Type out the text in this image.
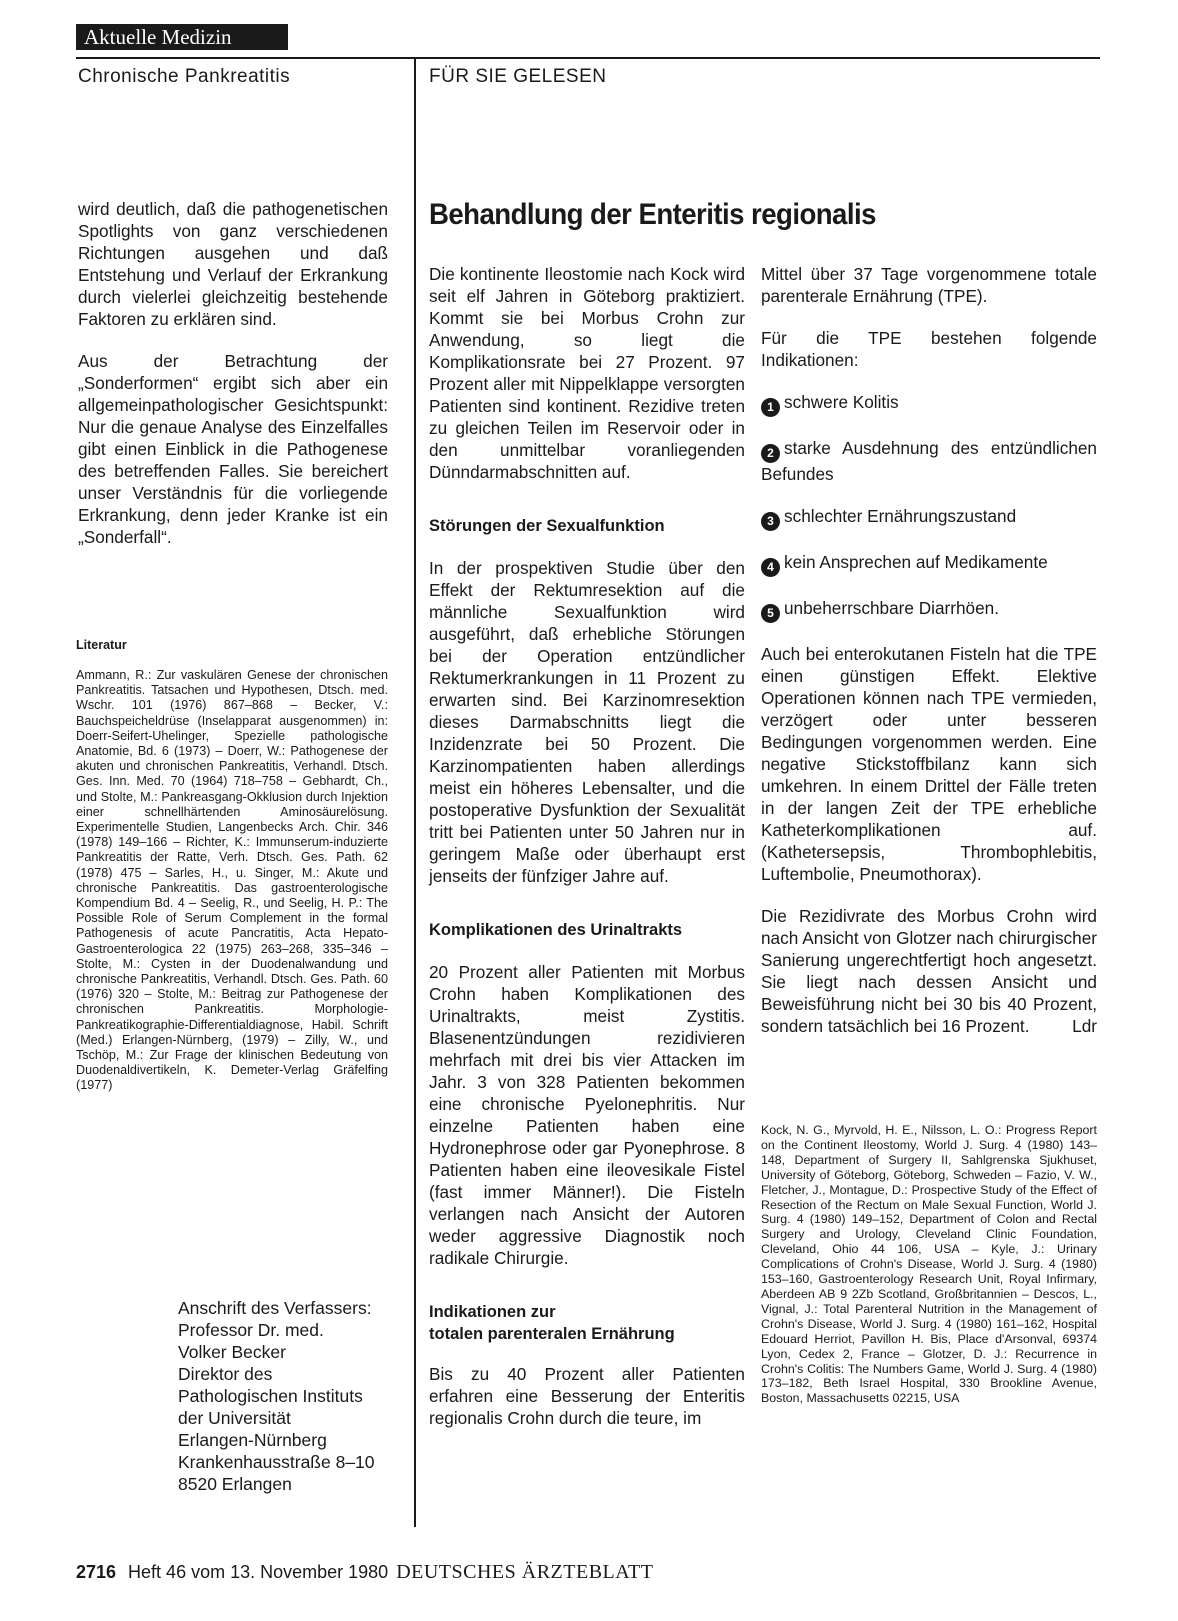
Aktuelle Medizin
Chronische Pankreatitis	FÜR SIE GELESEN

wird deutlich, daß die pathogenetischen Spotlights von ganz verschiedenen Richtungen ausgehen und daß Entstehung und Verlauf der Erkrankung durch vielerlei gleichzeitig bestehende Faktoren zu erklären sind.

Aus der Betrachtung der „Sonderformen“ ergibt sich aber ein allgemeinpathologischer Gesichtspunkt: Nur die genaue Analyse des Einzelfalles gibt einen Einblick in die Pathogenese des betreffenden Falles. Sie bereichert unser Verständnis für die vorliegende Erkrankung, denn jeder Kranke ist ein „Sonderfall“.

Literatur
Ammann, R.: Zur vaskulären Genese der chronischen Pankreatitis. Tatsachen und Hypothesen, Dtsch. med. Wschr. 101 (1976) 867–868 – Becker, V.: Bauchspeicheldrüse (Inselapparat ausgenommen) in: Doerr-Seifert-Uhelinger, Spezielle pathologische Anatomie, Bd. 6 (1973) – Doerr, W.: Pathogenese der akuten und chronischen Pankreatitis, Verhandl. Dtsch. Ges. Inn. Med. 70 (1964) 718–758 – Gebhardt, Ch., und Stolte, M.: Pankreasgang-Okklusion durch Injektion einer schnellhärtenden Aminosäurelösung. Experimentelle Studien, Langenbecks Arch. Chir. 346 (1978) 149–166 – Richter, K.: Immunserum-induzierte Pankreatitis der Ratte, Verh. Dtsch. Ges. Path. 62 (1978) 475 – Sarles, H., u. Singer, M.: Akute und chronische Pankreatitis. Das gastroenterologische Kompendium Bd. 4 – Seelig, R., und Seelig, H. P.: The Possible Role of Serum Complement in the formal Pathogenesis of acute Pancratitis, Acta Hepato-Gastroenterologica 22 (1975) 263–268, 335–346 – Stolte, M.: Cysten in der Duodenalwandung und chronische Pankreatitis, Verhandl. Dtsch. Ges. Path. 60 (1976) 320 – Stolte, M.: Beitrag zur Pathogenese der chronischen Pankreatitis. Morphologie-Pankreatikographie-Differentialdiagnose, Habil. Schrift (Med.) Erlangen-Nürnberg, (1979) – Zilly, W., und Tschöp, M.: Zur Frage der klinischen Bedeutung von Duodenaldivertikeln, K. Demeter-Verlag Gräfelfing (1977)
Anschrift des Verfassers:
Professor Dr. med.
Volker Becker
Direktor des
Pathologischen Instituts
der Universität
Erlangen-Nürnberg
Krankenhausstraße 8–10
8520 Erlangen
Behandlung der Enteritis regionalis

Die kontinente Ileostomie nach Kock wird seit elf Jahren in Göteborg praktiziert. Kommt sie bei Morbus Crohn zur Anwendung, so liegt die Komplikationsrate bei 27 Prozent. 97 Prozent aller mit Nippelklappe versorgten Patienten sind kontinent. Rezidive treten zu gleichen Teilen im Reservoir oder in den unmittelbar voranliegenden Dünndarmabschnitten auf.

Störungen der Sexualfunktion

In der prospektiven Studie über den Effekt der Rektumresektion auf die männliche Sexualfunktion wird ausgeführt, daß erhebliche Störungen bei der Operation entzündlicher Rektumerkrankungen in 11 Prozent zu erwarten sind. Bei Karzinomresektion dieses Darmabschnitts liegt die Inzidenzrate bei 50 Prozent. Die Karzinompatienten haben allerdings meist ein höheres Lebensalter, und die postoperative Dysfunktion der Sexualität tritt bei Patienten unter 50 Jahren nur in geringem Maße oder überhaupt erst jenseits der fünfziger Jahre auf.

Komplikationen des Urinaltrakts

20 Prozent aller Patienten mit Morbus Crohn haben Komplikationen des Urinaltrakts, meist Zystitis. Blasenentzündungen rezidivieren mehrfach mit drei bis vier Attacken im Jahr. 3 von 328 Patienten bekommen eine chronische Pyelonephritis. Nur einzelne Patienten haben eine Hydronephrose oder gar Pyonephrose. 8 Patienten haben eine ileovesikale Fistel (fast immer Männer!). Die Fisteln verlangen nach Ansicht der Autoren weder aggressive Diagnostik noch radikale Chirurgie.

Indikationen zur
totalen parenteralen Ernährung

Bis zu 40 Prozent aller Patienten erfahren eine Besserung der Enteritis regionalis Crohn durch die teure, im

Mittel über 37 Tage vorgenommene totale parenterale Ernährung (TPE).

Für die TPE bestehen folgende Indikationen:

1 schwere Kolitis
2 starke Ausdehnung des entzündlichen Befundes
3 schlechter Ernährungszustand
4 kein Ansprechen auf Medikamente
5 unbeherrschbare Diarrhöen.

Auch bei enterokutanen Fisteln hat die TPE einen günstigen Effekt. Elektive Operationen können nach TPE vermieden, verzögert oder unter besseren Bedingungen vorgenommen werden. Eine negative Stickstoffbilanz kann sich umkehren. In einem Drittel der Fälle treten in der langen Zeit der TPE erhebliche Katheterkomplikationen auf. (Kathetersepsis, Thrombophlebitis, Luftembolie, Pneumothorax).

Die Rezidivrate des Morbus Crohn wird nach Ansicht von Glotzer nach chirurgischer Sanierung ungerechtfertigt hoch angesetzt. Sie liegt nach dessen Ansicht und Beweisführung nicht bei 30 bis 40 Prozent, sondern tatsächlich bei 16 Prozent. Ldr

Kock, N. G., Myrvold, H. E., Nilsson, L. O.: Progress Report on the Continent Ileostomy, World J. Surg. 4 (1980) 143–148, Department of Surgery II, Sahlgrenska Sjukhuset, University of Göteborg, Göteborg, Schweden – Fazio, V. W., Fletcher, J., Montague, D.: Prospective Study of the Effect of Resection of the Rectum on Male Sexual Function, World J. Surg. 4 (1980) 149–152, Department of Colon and Rectal Surgery and Urology, Cleveland Clinic Foundation, Cleveland, Ohio 44 106, USA – Kyle, J.: Urinary Complications of Crohn's Disease, World J. Surg. 4 (1980) 153–160, Gastroenterology Research Unit, Royal Infirmary, Aberdeen AB 9 2Zb Scotland, Großbritannien – Descos, L., Vignal, J.: Total Parenteral Nutrition in the Management of Crohn's Disease, World J. Surg. 4 (1980) 161–162, Hospital Edouard Herriot, Pavillon H. Bis, Place d'Arsonval, 69374 Lyon, Cedex 2, France – Glotzer, D. J.: Recurrence in Crohn's Colitis: The Numbers Game, World J. Surg. 4 (1980) 173–182, Beth Israel Hospital, 330 Brookline Avenue, Boston, Massachusetts 02215, USA
2716 Heft 46 vom 13. November 1980 DEUTSCHES ÄRZTEBLATT
